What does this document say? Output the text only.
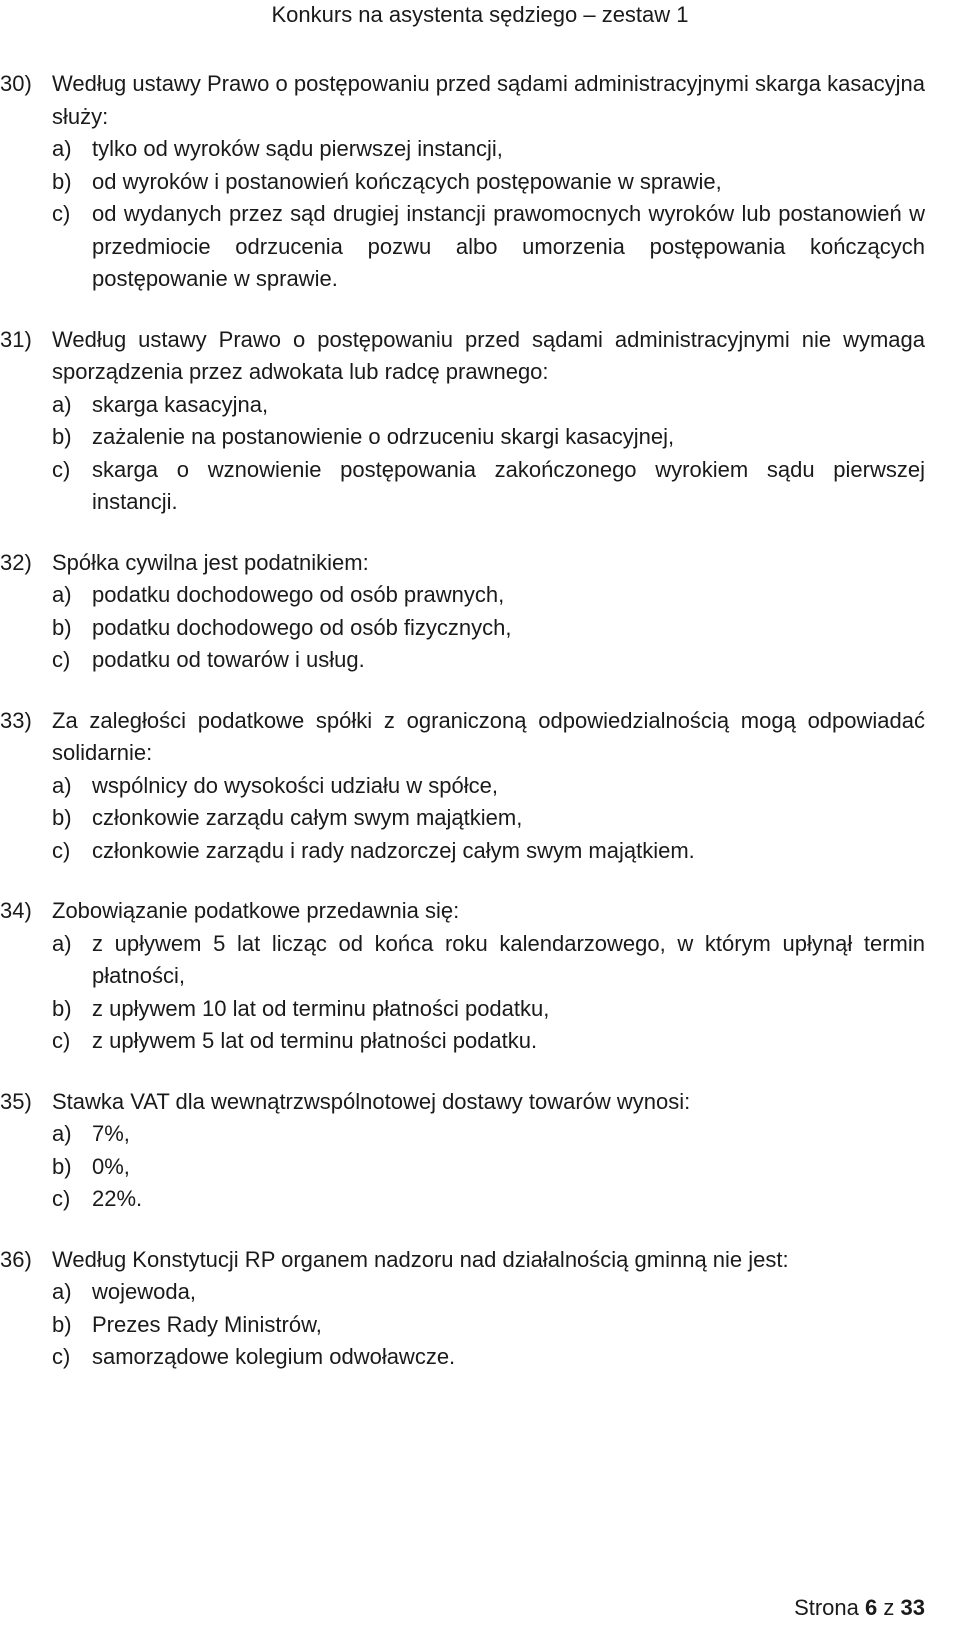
Konkurs na asystenta sędziego – zestaw 1
30) Według ustawy Prawo o postępowaniu przed sądami administracyjnymi skarga kasacyjna służy:
a) tylko od wyroków sądu pierwszej instancji,
b) od wyroków i postanowień kończących postępowanie w sprawie,
c) od wydanych przez sąd drugiej instancji prawomocnych wyroków lub postanowień w przedmiocie odrzucenia pozwu albo umorzenia postępowania kończących postępowanie w sprawie.
31) Według ustawy Prawo o postępowaniu przed sądami administracyjnymi nie wymaga sporządzenia przez adwokata lub radcę prawnego:
a) skarga kasacyjna,
b) zażalenie na postanowienie o odrzuceniu skargi kasacyjnej,
c) skarga o wznowienie postępowania zakończonego wyrokiem sądu pierwszej instancji.
32) Spółka cywilna jest podatnikiem:
a) podatku dochodowego od osób prawnych,
b) podatku dochodowego od osób fizycznych,
c) podatku od towarów i usług.
33) Za zaległości podatkowe spółki z ograniczoną odpowiedzialnością mogą odpowiadać solidarnie:
a) wspólnicy do wysokości udziału w spółce,
b) członkowie zarządu całym swym majątkiem,
c) członkowie zarządu i rady nadzorczej całym swym majątkiem.
34) Zobowiązanie podatkowe przedawnia się:
a) z upływem 5 lat licząc od końca roku kalendarzowego, w którym upłynął termin płatności,
b) z upływem 10 lat od terminu płatności podatku,
c) z upływem 5 lat od terminu płatności podatku.
35) Stawka VAT dla wewnątrzwspólnotowej dostawy towarów wynosi:
a) 7%,
b) 0%,
c) 22%.
36) Według Konstytucji RP organem nadzoru nad działalnością gminną nie jest:
a) wojewoda,
b) Prezes Rady Ministrów,
c) samorządowe kolegium odwoławcze.
Strona 6 z 33
